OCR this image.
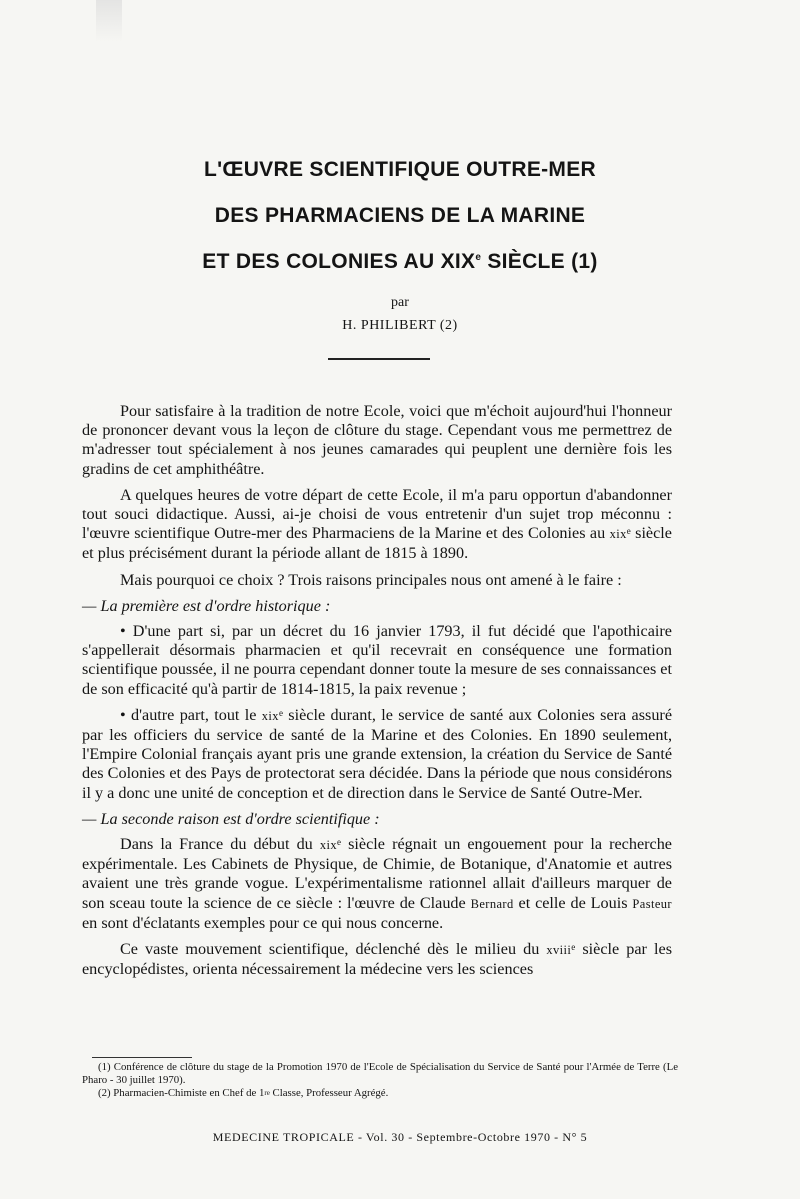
L'ŒUVRE SCIENTIFIQUE OUTRE-MER
DES PHARMACIENS DE LA MARINE
ET DES COLONIES AU XIXe SIÈCLE (1)
par
H. PHILIBERT (2)

Pour satisfaire à la tradition de notre Ecole, voici que m'échoit aujourd'hui l'honneur de prononcer devant vous la leçon de clôture du stage. Cependant vous me permettrez de m'adresser tout spécialement à nos jeunes camarades qui peuplent une dernière fois les gradins de cet amphithéâtre.

A quelques heures de votre départ de cette Ecole, il m'a paru opportun d'abandonner tout souci didactique. Aussi, ai-je choisi de vous entretenir d'un sujet trop méconnu : l'œuvre scientifique Outre-mer des Pharmaciens de la Marine et des Colonies au xix$^e$ siècle et plus précisément durant la période allant de 1815 à 1890.

Mais pourquoi ce choix ? Trois raisons principales nous ont amené à le faire :

— La première est d'ordre historique :

• D'une part si, par un décret du 16 janvier 1793, il fut décidé que l'apothicaire s'appellerait désormais pharmacien et qu'il recevrait en conséquence une formation scientifique poussée, il ne pourra cependant donner toute la mesure de ses connaissances et de son efficacité qu'à partir de 1814-1815, la paix revenue ;

• d'autre part, tout le xix$^e$ siècle durant, le service de santé aux Colonies sera assuré par les officiers du service de santé de la Marine et des Colonies. En 1890 seulement, l'Empire Colonial français ayant pris une grande extension, la création du Service de Santé des Colonies et des Pays de protectorat sera décidée. Dans la période que nous considérons il y a donc une unité de conception et de direction dans le Service de Santé Outre-Mer.

— La seconde raison est d'ordre scientifique :

Dans la France du début du xix$^e$ siècle régnait un engouement pour la recherche expérimentale. Les Cabinets de Physique, de Chimie, de Botanique, d'Anatomie et autres avaient une très grande vogue. L'expérimentalisme rationnel allait d'ailleurs marquer de son sceau toute la science de ce siècle : l'œuvre de Claude Bernard et celle de Louis Pasteur en sont d'éclatants exemples pour ce qui nous concerne.

Ce vaste mouvement scientifique, déclenché dès le milieu du xviii$^e$ siècle par les encyclopédistes, orienta nécessairement la médecine vers les sciences

(1) Conférence de clôture du stage de la Promotion 1970 de l'Ecole de Spécialisation du Service de Santé pour l'Armée de Terre (Le Pharo - 30 juillet 1970).

(2) Pharmacien-Chimiste en Chef de 1re Classe, Professeur Agrégé.

MEDECINE TROPICALE - Vol. 30 - Septembre-Octobre 1970 - N° 5
